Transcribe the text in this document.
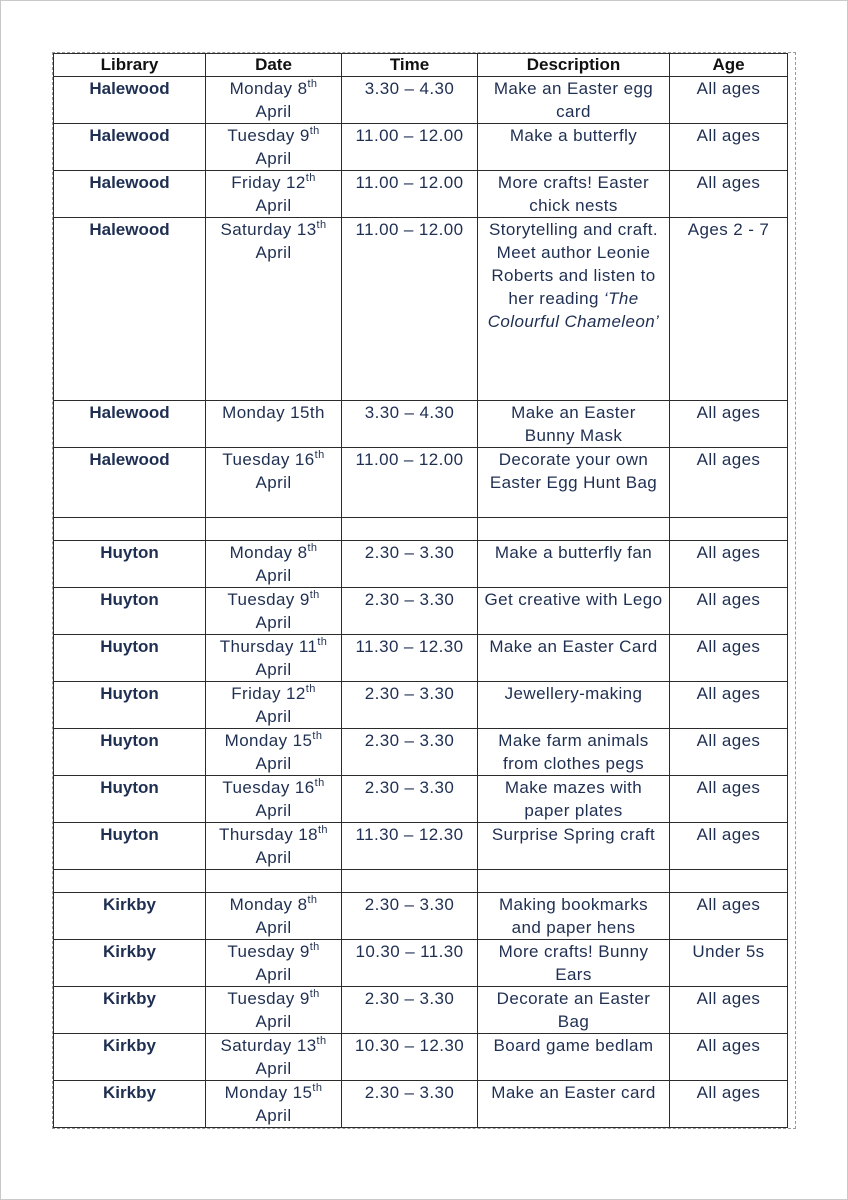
Library	Date	Time	Description	Age
Halewood	Monday 8th April	3.30 – 4.30	Make an Easter egg card	All ages
Halewood	Tuesday 9th April	11.00 – 12.00	Make a butterfly	All ages
Halewood	Friday 12th April	11.00 – 12.00	More crafts! Easter chick nests	All ages
Halewood	Saturday 13th April	11.00 – 12.00	Storytelling and craft. Meet author Leonie Roberts and listen to her reading ‘The Colourful Chameleon’	Ages 2 - 7
Halewood	Monday 15th	3.30 – 4.30	Make an Easter Bunny Mask	All ages
Halewood	Tuesday 16th April	11.00 – 12.00	Decorate your own Easter Egg Hunt Bag	All ages

Huyton	Monday 8th April	2.30 – 3.30	Make a butterfly fan	All ages
Huyton	Tuesday 9th April	2.30 – 3.30	Get creative with Lego	All ages
Huyton	Thursday 11th April	11.30 – 12.30	Make an Easter Card	All ages
Huyton	Friday 12th April	2.30 – 3.30	Jewellery-making	All ages
Huyton	Monday 15th April	2.30 – 3.30	Make farm animals from clothes pegs	All ages
Huyton	Tuesday 16th April	2.30 – 3.30	Make mazes with paper plates	All ages
Huyton	Thursday 18th April	11.30 – 12.30	Surprise Spring craft	All ages

Kirkby	Monday 8th April	2.30 – 3.30	Making bookmarks and paper hens	All ages
Kirkby	Tuesday 9th April	10.30 – 11.30	More crafts! Bunny Ears	Under 5s
Kirkby	Tuesday 9th April	2.30 – 3.30	Decorate an Easter Bag	All ages
Kirkby	Saturday 13th April	10.30 – 12.30	Board game bedlam	All ages
Kirkby	Monday 15th April	2.30 – 3.30	Make an Easter card	All ages
